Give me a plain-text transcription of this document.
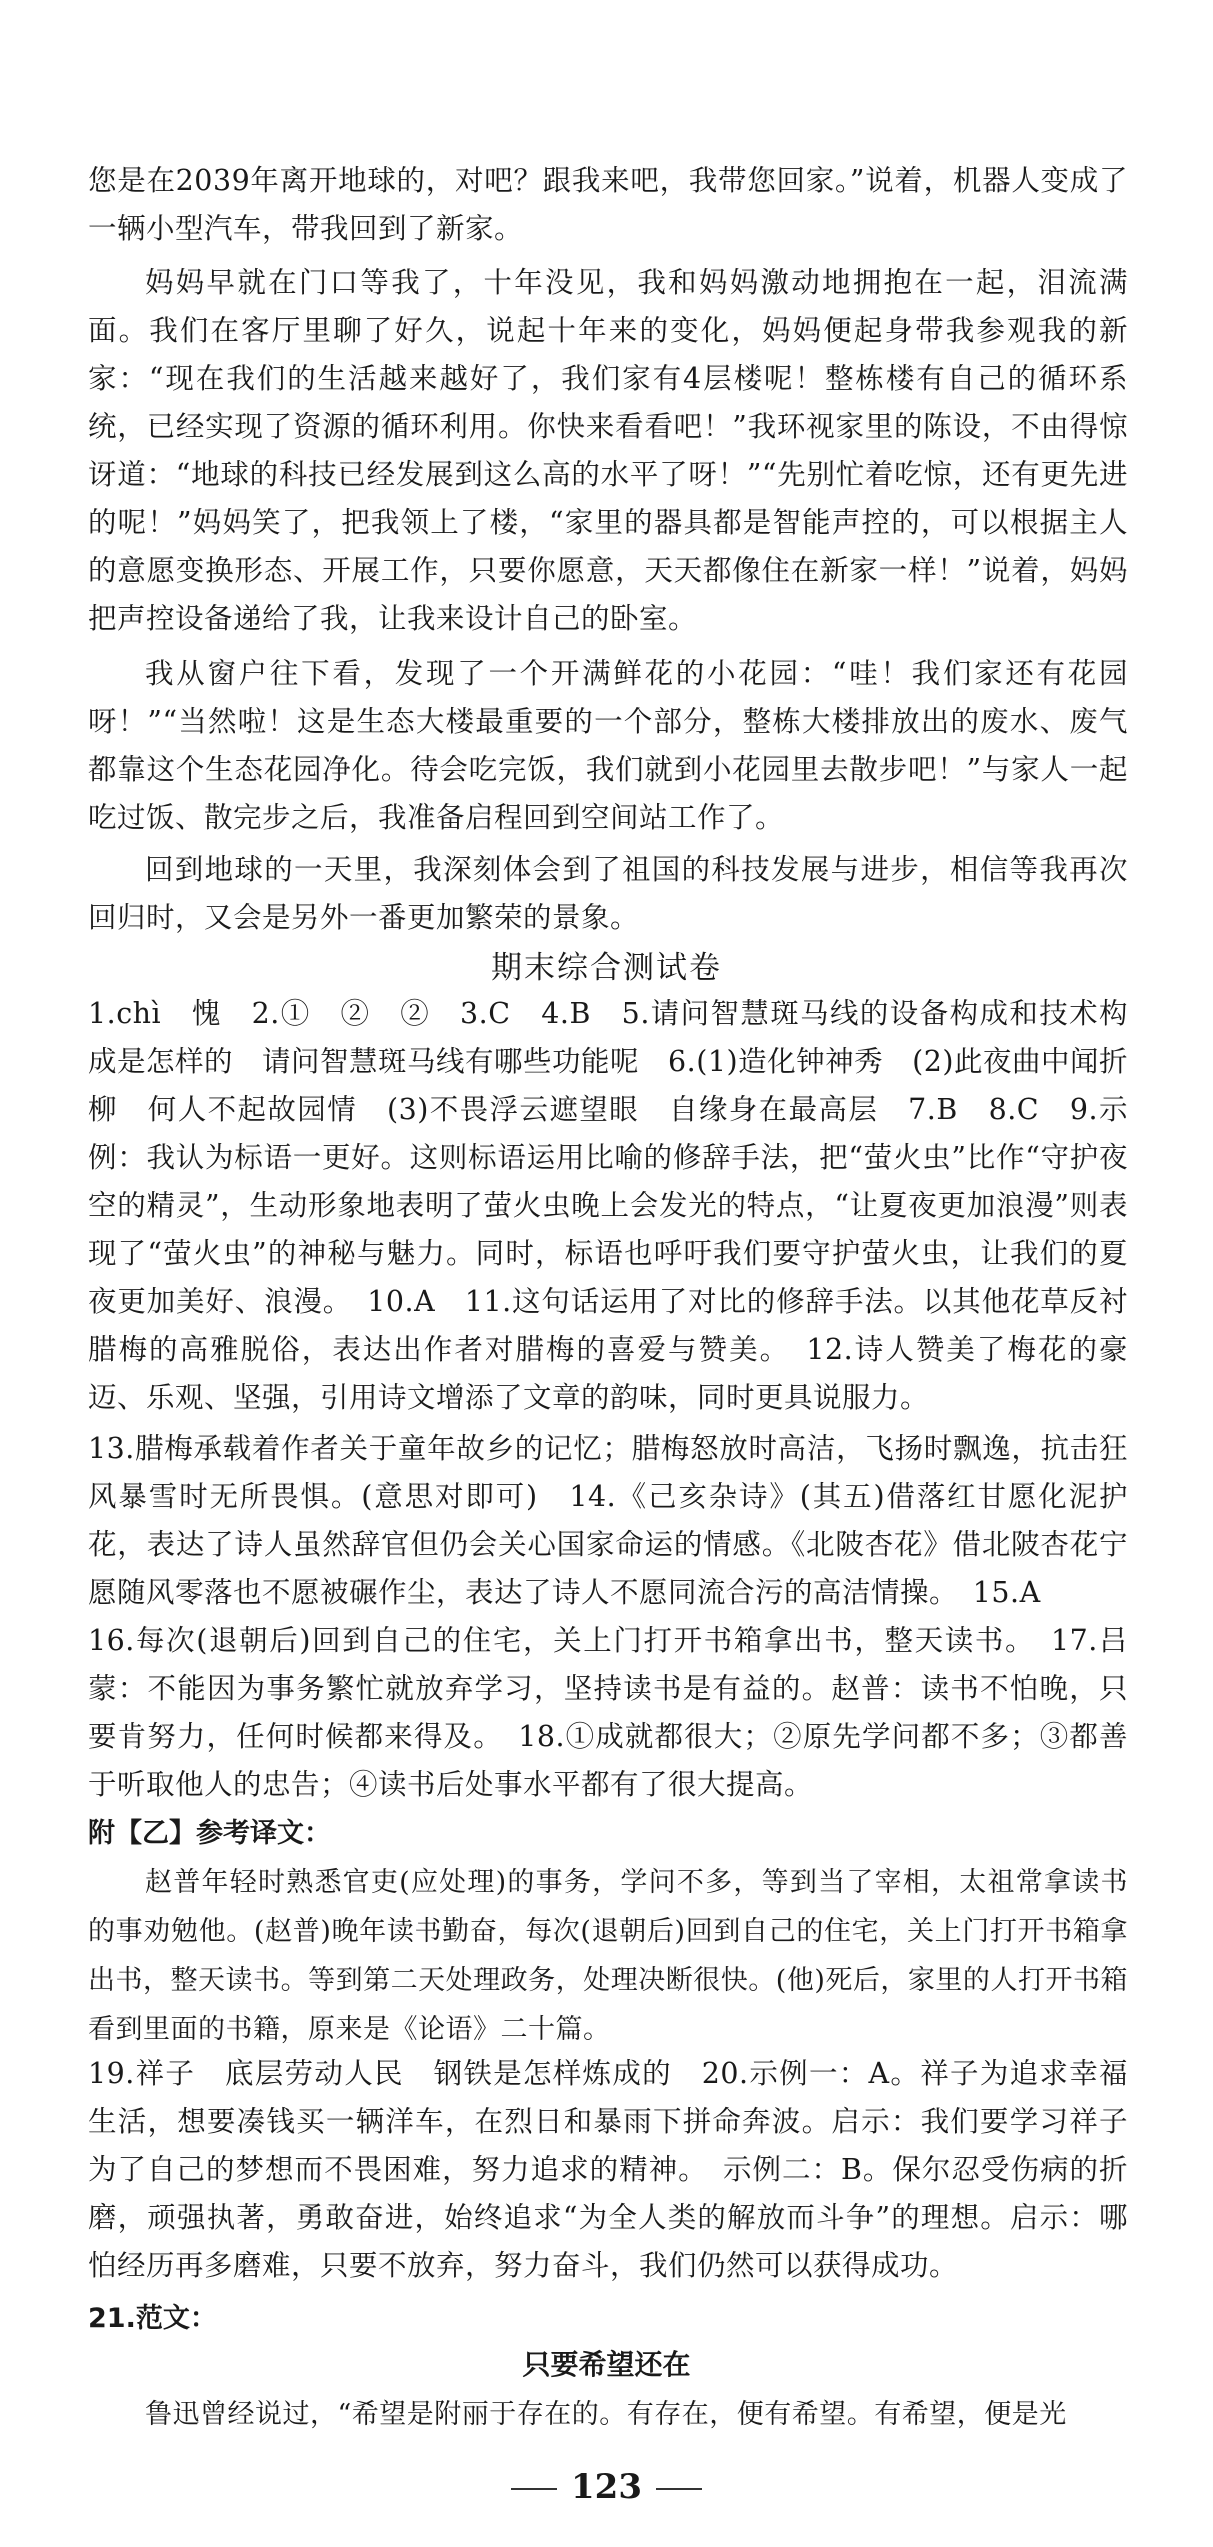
您是在2039年离开地球的，对吧？跟我来吧，我带您回家。”说着，机器人变成了一辆小型汽车，带我回到了新家。

妈妈早就在门口等我了，十年没见，我和妈妈激动地拥抱在一起，泪流满面。我们在客厅里聊了好久，说起十年来的变化，妈妈便起身带我参观我的新家：“现在我们的生活越来越好了，我们家有4层楼呢！整栋楼有自己的循环系统，已经实现了资源的循环利用。你快来看看吧！”我环视家里的陈设，不由得惊讶道：“地球的科技已经发展到这么高的水平了呀！”“先别忙着吃惊，还有更先进的呢！”妈妈笑了，把我领上了楼，“家里的器具都是智能声控的，可以根据主人的意愿变换形态、开展工作，只要你愿意，天天都像住在新家一样！”说着，妈妈把声控设备递给了我，让我来设计自己的卧室。

我从窗户往下看，发现了一个开满鲜花的小花园：“哇！我们家还有花园呀！”“当然啦！这是生态大楼最重要的一个部分，整栋大楼排放出的废水、废气都靠这个生态花园净化。待会吃完饭，我们就到小花园里去散步吧！”与家人一起吃过饭、散完步之后，我准备启程回到空间站工作了。

回到地球的一天里，我深刻体会到了祖国的科技发展与进步，相信等我再次回归时，又会是另外一番更加繁荣的景象。

期末综合测试卷

1.chì　愧　2.①　②　②　3.C　4.B　5.请问智慧斑马线的设备构成和技术构成是怎样的　请问智慧斑马线有哪些功能呢　6.(1)造化钟神秀　(2)此夜曲中闻折柳　何人不起故园情　(3)不畏浮云遮望眼　自缘身在最高层　7.B　8.C　9.示例：我认为标语一更好。这则标语运用比喻的修辞手法，把“萤火虫”比作“守护夜空的精灵”，生动形象地表明了萤火虫晚上会发光的特点，“让夏夜更加浪漫”则表现了“萤火虫”的神秘与魅力。同时，标语也呼吁我们要守护萤火虫，让我们的夏夜更加美好、浪漫。　10.A　11.这句话运用了对比的修辞手法。以其他花草反衬腊梅的高雅脱俗，表达出作者对腊梅的喜爱与赞美。　12.诗人赞美了梅花的豪迈、乐观、坚强，引用诗文增添了文章的韵味，同时更具说服力。

13.腊梅承载着作者关于童年故乡的记忆；腊梅怒放时高洁，飞扬时飘逸，抗击狂风暴雪时无所畏惧。(意思对即可)　14.《己亥杂诗》(其五)借落红甘愿化泥护花，表达了诗人虽然辞官但仍会关心国家命运的情感。《北陂杏花》借北陂杏花宁愿随风零落也不愿被碾作尘，表达了诗人不愿同流合污的高洁情操。　15.A

16.每次(退朝后)回到自己的住宅，关上门打开书箱拿出书，整天读书。　17.吕蒙：不能因为事务繁忙就放弃学习，坚持读书是有益的。赵普：读书不怕晚，只要肯努力，任何时候都来得及。　18.①成就都很大；②原先学问都不多；③都善于听取他人的忠告；④读书后处事水平都有了很大提高。

附【乙】参考译文：

赵普年轻时熟悉官吏(应处理)的事务，学问不多，等到当了宰相，太祖常拿读书的事劝勉他。(赵普)晚年读书勤奋，每次(退朝后)回到自己的住宅，关上门打开书箱拿出书，整天读书。等到第二天处理政务，处理决断很快。(他)死后，家里的人打开书箱看到里面的书籍，原来是《论语》二十篇。

19.祥子　底层劳动人民　钢铁是怎样炼成的　20.示例一：A。祥子为追求幸福生活，想要凑钱买一辆洋车，在烈日和暴雨下拼命奔波。启示：我们要学习祥子为了自己的梦想而不畏困难，努力追求的精神。　示例二：B。保尔忍受伤病的折磨，顽强执著，勇敢奋进，始终追求“为全人类的解放而斗争”的理想。启示：哪怕经历再多磨难，只要不放弃，努力奋斗，我们仍然可以获得成功。

21.范文：
只要希望还在

鲁迅曾经说过，“希望是附丽于存在的。有存在，便有希望。有希望，便是光

123
